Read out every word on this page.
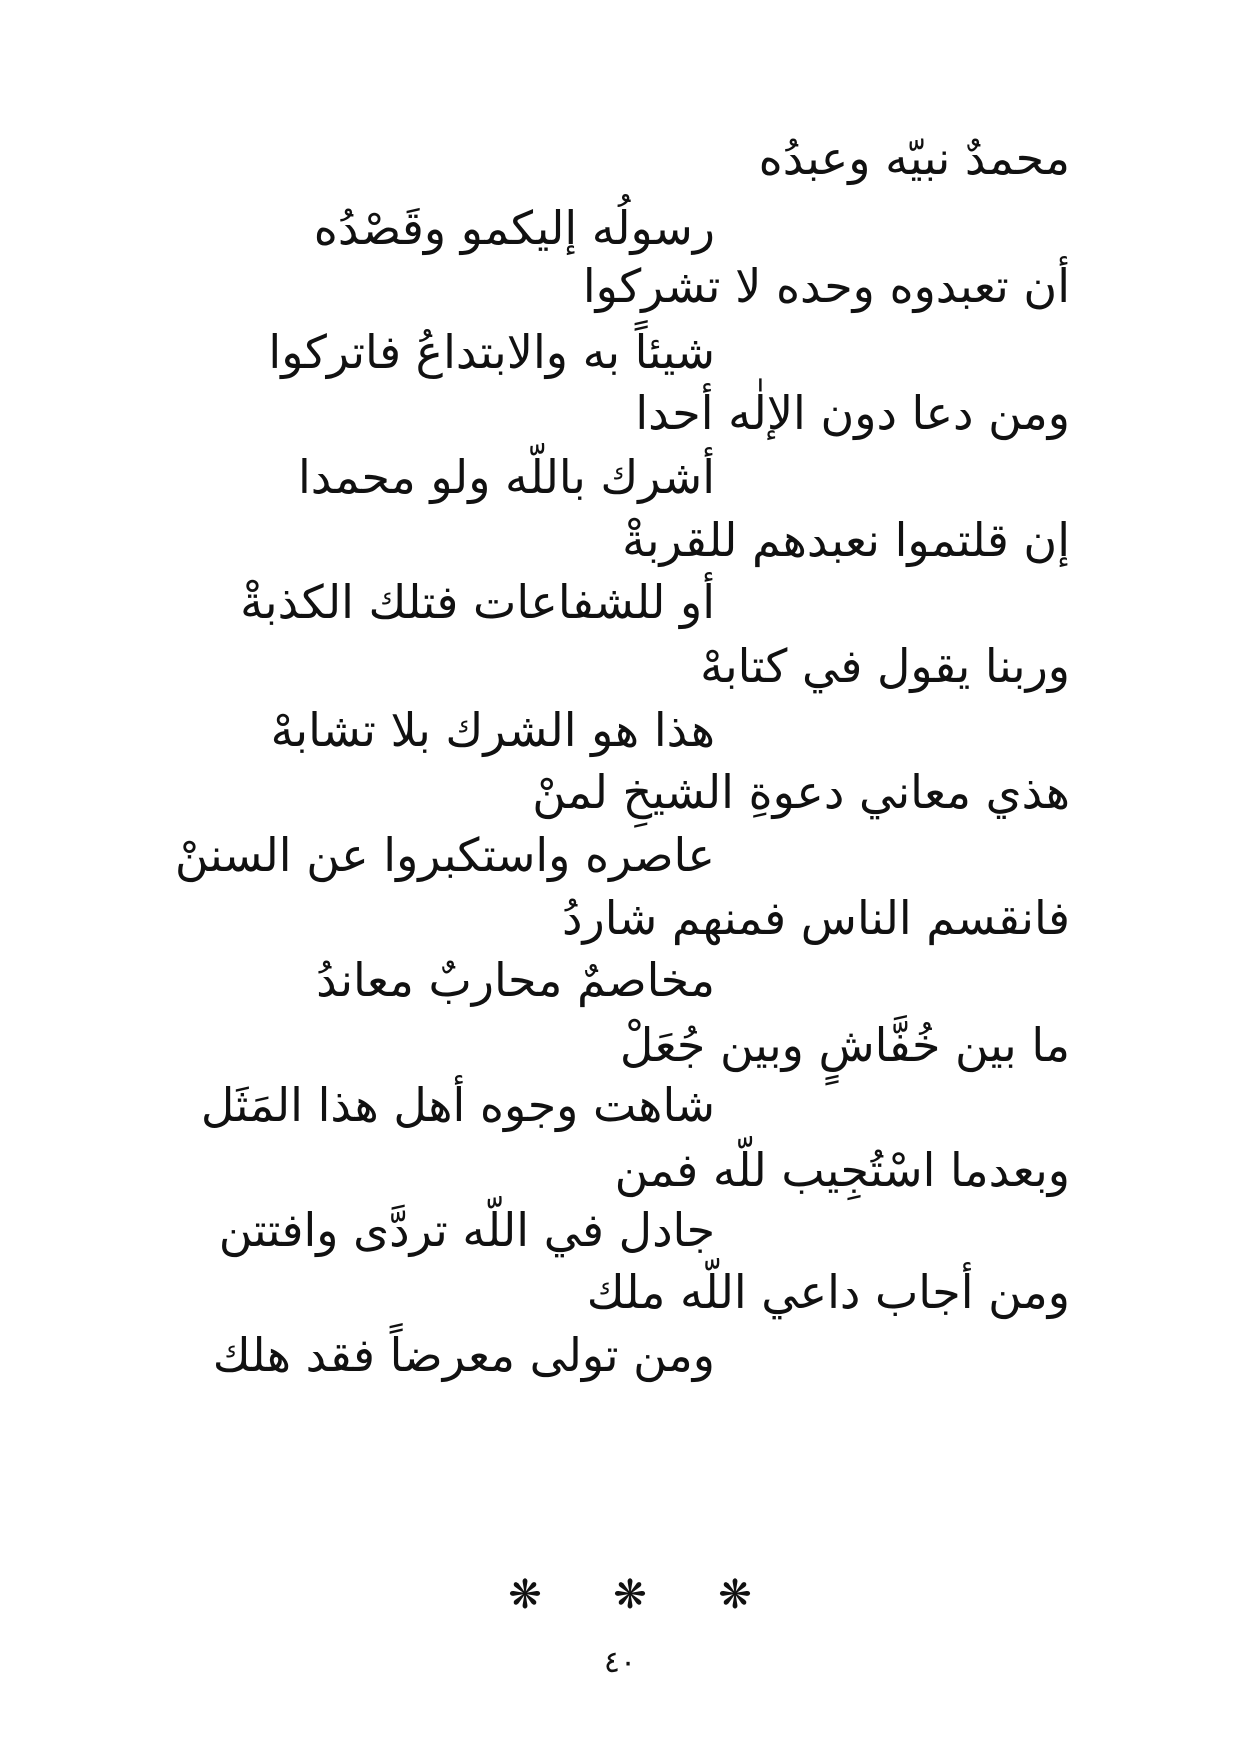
محمدٌ نبيّه وعبدُه
رسولُه إليكمو وقَصْدُه
أن تعبدوه وحده لا تشركوا
شيئاً به والابتداعُ فاتركوا
ومن دعا دون الإلٰه أحدا
أشرك باللّه ولو محمدا
إن قلتموا نعبدهم للقربةْ
أو للشفاعات فتلك الكذبةْ
وربنا يقول في كتابهْ
هذا هو الشرك بلا تشابهْ
هذي معاني دعوةِ الشيخِ لمنْ
عاصره واستكبروا عن السننْ
فانقسم الناس فمنهم شاردُ
مخاصمٌ محاربٌ معاندُ
ما بين خُفَّاشٍ وبين جُعَلْ
شاهت وجوه أهل هذا المَثَل
وبعدما اسْتُجِيب للّه فمن
جادل في اللّه تردَّى وافتتن
ومن أجاب داعي اللّه ملك
ومن تولى معرضاً فقد هلك
❋ ❋ ❋
٤٠
